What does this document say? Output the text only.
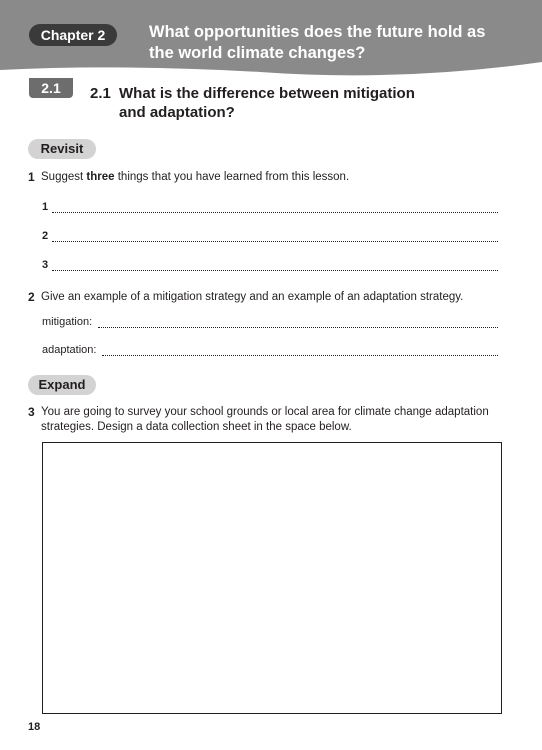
Chapter 2	What opportunities does the future hold as
the world climate changes?
2.1	2.1 What is the difference between mitigation
and adaptation?
Revisit
1 Suggest three things that you have learned from this lesson.
1
2
3
2 Give an example of a mitigation strategy and an example of an adaptation strategy.
mitigation:
adaptation:
Expand
3 You are going to survey your school grounds or local area for climate change adaptation strategies. Design a data collection sheet in the space below.
18
